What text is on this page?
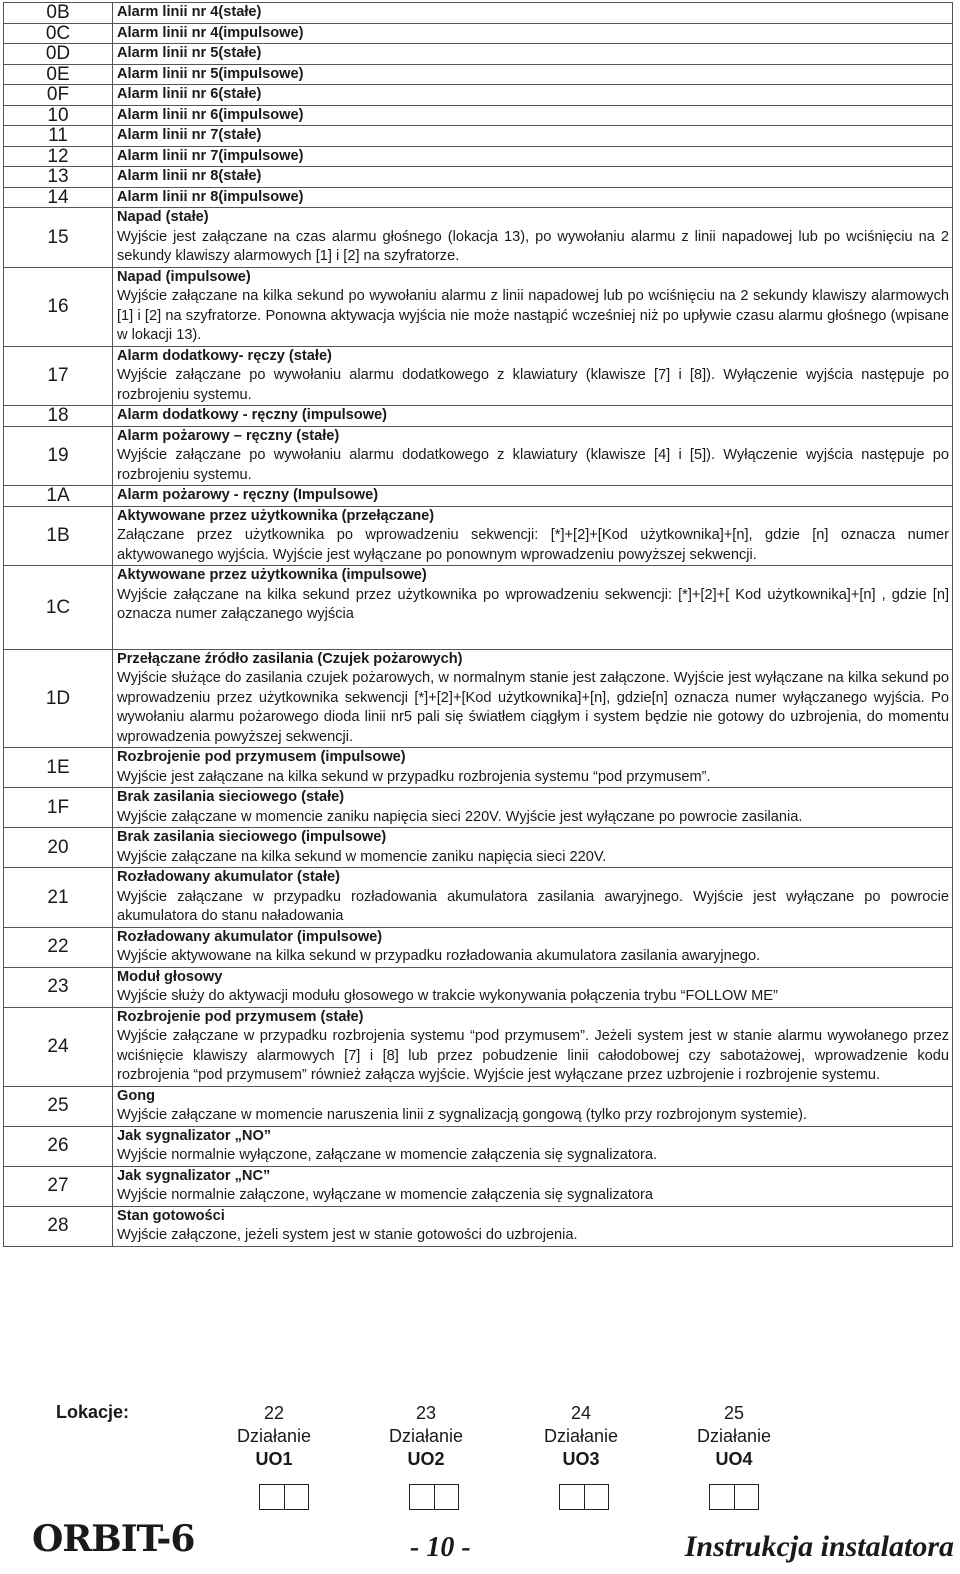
0B	Alarm linii nr 4(stałe)

0C	Alarm linii nr 4(impulsowe)

0D	Alarm linii nr 5(stałe)

0E	Alarm linii nr 5(impulsowe)

0F	Alarm linii nr 6(stałe)

10	Alarm linii nr 6(impulsowe)

11	Alarm linii nr 7(stałe)

12	Alarm linii nr 7(impulsowe)

13	Alarm linii nr 8(stałe)

14	Alarm linii nr 8(impulsowe)

15	Napad (stałe)
Wyjście jest załączane na czas alarmu głośnego (lokacja 13), po wywołaniu alarmu z linii napadowej lub po wciśnięciu na 2 sekundy klawiszy alarmowych [1] i [2] na szyfratorze.

16	Napad (impulsowe)
Wyjście załączane na kilka sekund po wywołaniu alarmu z linii napadowej lub po wciśnięciu na 2 sekundy klawiszy alarmowych [1] i [2] na szyfratorze. Ponowna aktywacja wyjścia nie może nastąpić wcześniej niż po upływie czasu alarmu głośnego (wpisane w lokacji 13).

17	Alarm dodatkowy- ręczy (stałe)
Wyjście załączane po wywołaniu alarmu dodatkowego z klawiatury (klawisze [7] i [8]). Wyłączenie wyjścia następuje po rozbrojeniu systemu.

18	Alarm dodatkowy - ręczny (impulsowe)

19	Alarm pożarowy – ręczny (stałe)
Wyjście załączane po wywołaniu alarmu dodatkowego z klawiatury (klawisze [4] i [5]). Wyłączenie wyjścia następuje po rozbrojeniu systemu.

1A	Alarm pożarowy - ręczny (Impulsowe)

1B	Aktywowane przez użytkownika (przełączane)
Załączane przez użytkownika po wprowadzeniu sekwencji: [*]+[2]+[Kod użytkownika]+[n], gdzie [n] oznacza numer aktywowanego wyjścia. Wyjście jest wyłączane po ponownym wprowadzeniu powyższej sekwencji.

1C	Aktywowane przez użytkownika (impulsowe)
Wyjście załączane na kilka sekund przez użytkownika po wprowadzeniu sekwencji: [*]+[2]+[ Kod użytkownika]+[n] , gdzie [n] oznacza numer załączanego wyjścia

1D	Przełączane źródło zasilania (Czujek pożarowych)
Wyjście służące do zasilania czujek pożarowych, w normalnym stanie jest załączone. Wyjście jest wyłączane na kilka sekund po wprowadzeniu przez użytkownika sekwencji [*]+[2]+[Kod użytkownika]+[n], gdzie[n] oznacza numer wyłączanego wyjścia. Po wywołaniu alarmu pożarowego dioda linii nr5 pali się światłem ciągłym i system będzie nie gotowy do uzbrojenia, do momentu wprowadzenia powyższej sekwencji.

1E	Rozbrojenie pod przymusem (impulsowe)
Wyjście jest załączane na kilka sekund w przypadku rozbrojenia systemu “pod przymusem”.

1F	Brak zasilania sieciowego (stałe)
Wyjście załączane w momencie zaniku napięcia sieci 220V. Wyjście jest wyłączane po powrocie zasilania.

20	Brak zasilania sieciowego (impulsowe)
Wyjście załączane na kilka sekund w momencie zaniku napięcia sieci 220V.

21	Rozładowany akumulator (stałe)
Wyjście załączane w przypadku rozładowania akumulatora zasilania awaryjnego. Wyjście jest wyłączane po powrocie akumulatora do stanu naładowania

22	Rozładowany akumulator (impulsowe)
Wyjście aktywowane na kilka sekund w przypadku rozładowania akumulatora zasilania awaryjnego.

23	Moduł głosowy
Wyjście służy do aktywacji modułu głosowego w trakcie wykonywania połączenia trybu “FOLLOW ME”

24	Rozbrojenie pod przymusem (stałe)
Wyjście załączane w przypadku rozbrojenia systemu “pod przymusem”. Jeżeli system jest w stanie alarmu wywołanego przez wciśnięcie klawiszy alarmowych [7] i [8] lub przez pobudzenie linii całodobowej czy sabotażowej, wprowadzenie kodu rozbrojenia “pod przymusem” również załącza wyjście. Wyjście jest wyłączane przez uzbrojenie i rozbrojenie systemu.

25	Gong
Wyjście załączane w momencie naruszenia linii z sygnalizacją gongową (tylko przy rozbrojonym systemie).

26	Jak sygnalizator „NO”
Wyjście normalnie wyłączone, załączane w momencie załączenia się sygnalizatora.

27	Jak sygnalizator „NC”
Wyjście normalnie załączone, wyłączane w momencie załączenia się sygnalizatora

28	Stan gotowości
Wyjście załączone, jeżeli system jest w stanie gotowości do uzbrojenia.
Lokacje:	22
Działanie
UO1
23
Działanie
UO2
24
Działanie
UO3
25
Działanie
UO4
ORBIT-6	- 10 -	Instrukcja instalatora
